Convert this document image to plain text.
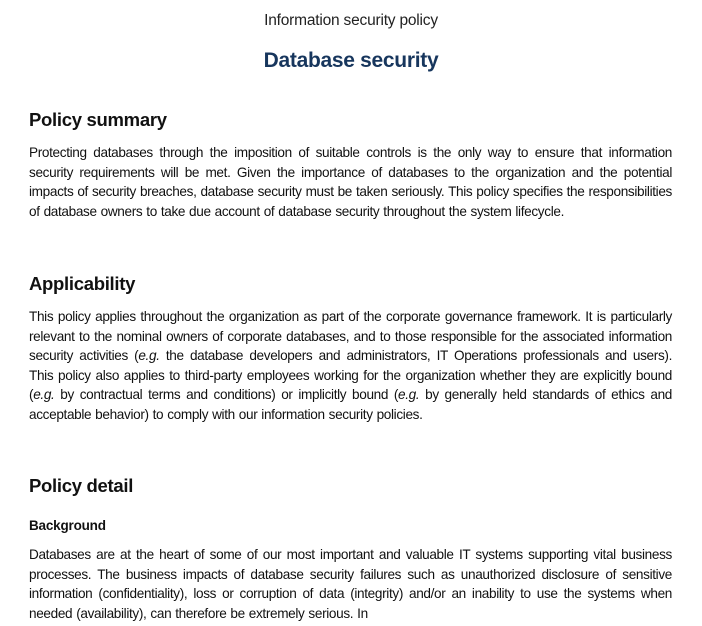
Information security policy
Database security
Policy summary

Protecting databases through the imposition of suitable controls is the only way to ensure that information security requirements will be met. Given the importance of databases to the organization and the potential impacts of security breaches, database security must be taken seriously. This policy specifies the responsibilities of database owners to take due account of database security throughout the system lifecycle.

Applicability

This policy applies throughout the organization as part of the corporate governance framework. It is particularly relevant to the nominal owners of corporate databases, and to those responsible for the associated information security activities (e.g. the database developers and administrators, IT Operations professionals and users). This policy also applies to third-party employees working for the organization whether they are explicitly bound (e.g. by contractual terms and conditions) or implicitly bound (e.g. by generally held standards of ethics and acceptable behavior) to comply with our information security policies.

Policy detail
Background

Databases are at the heart of some of our most important and valuable IT systems supporting vital business processes. The business impacts of database security failures such as unauthorized disclosure of sensitive information (confidentiality), loss or corruption of data (integrity) and/or an inability to use the systems when needed (availability), can therefore be extremely serious. In
